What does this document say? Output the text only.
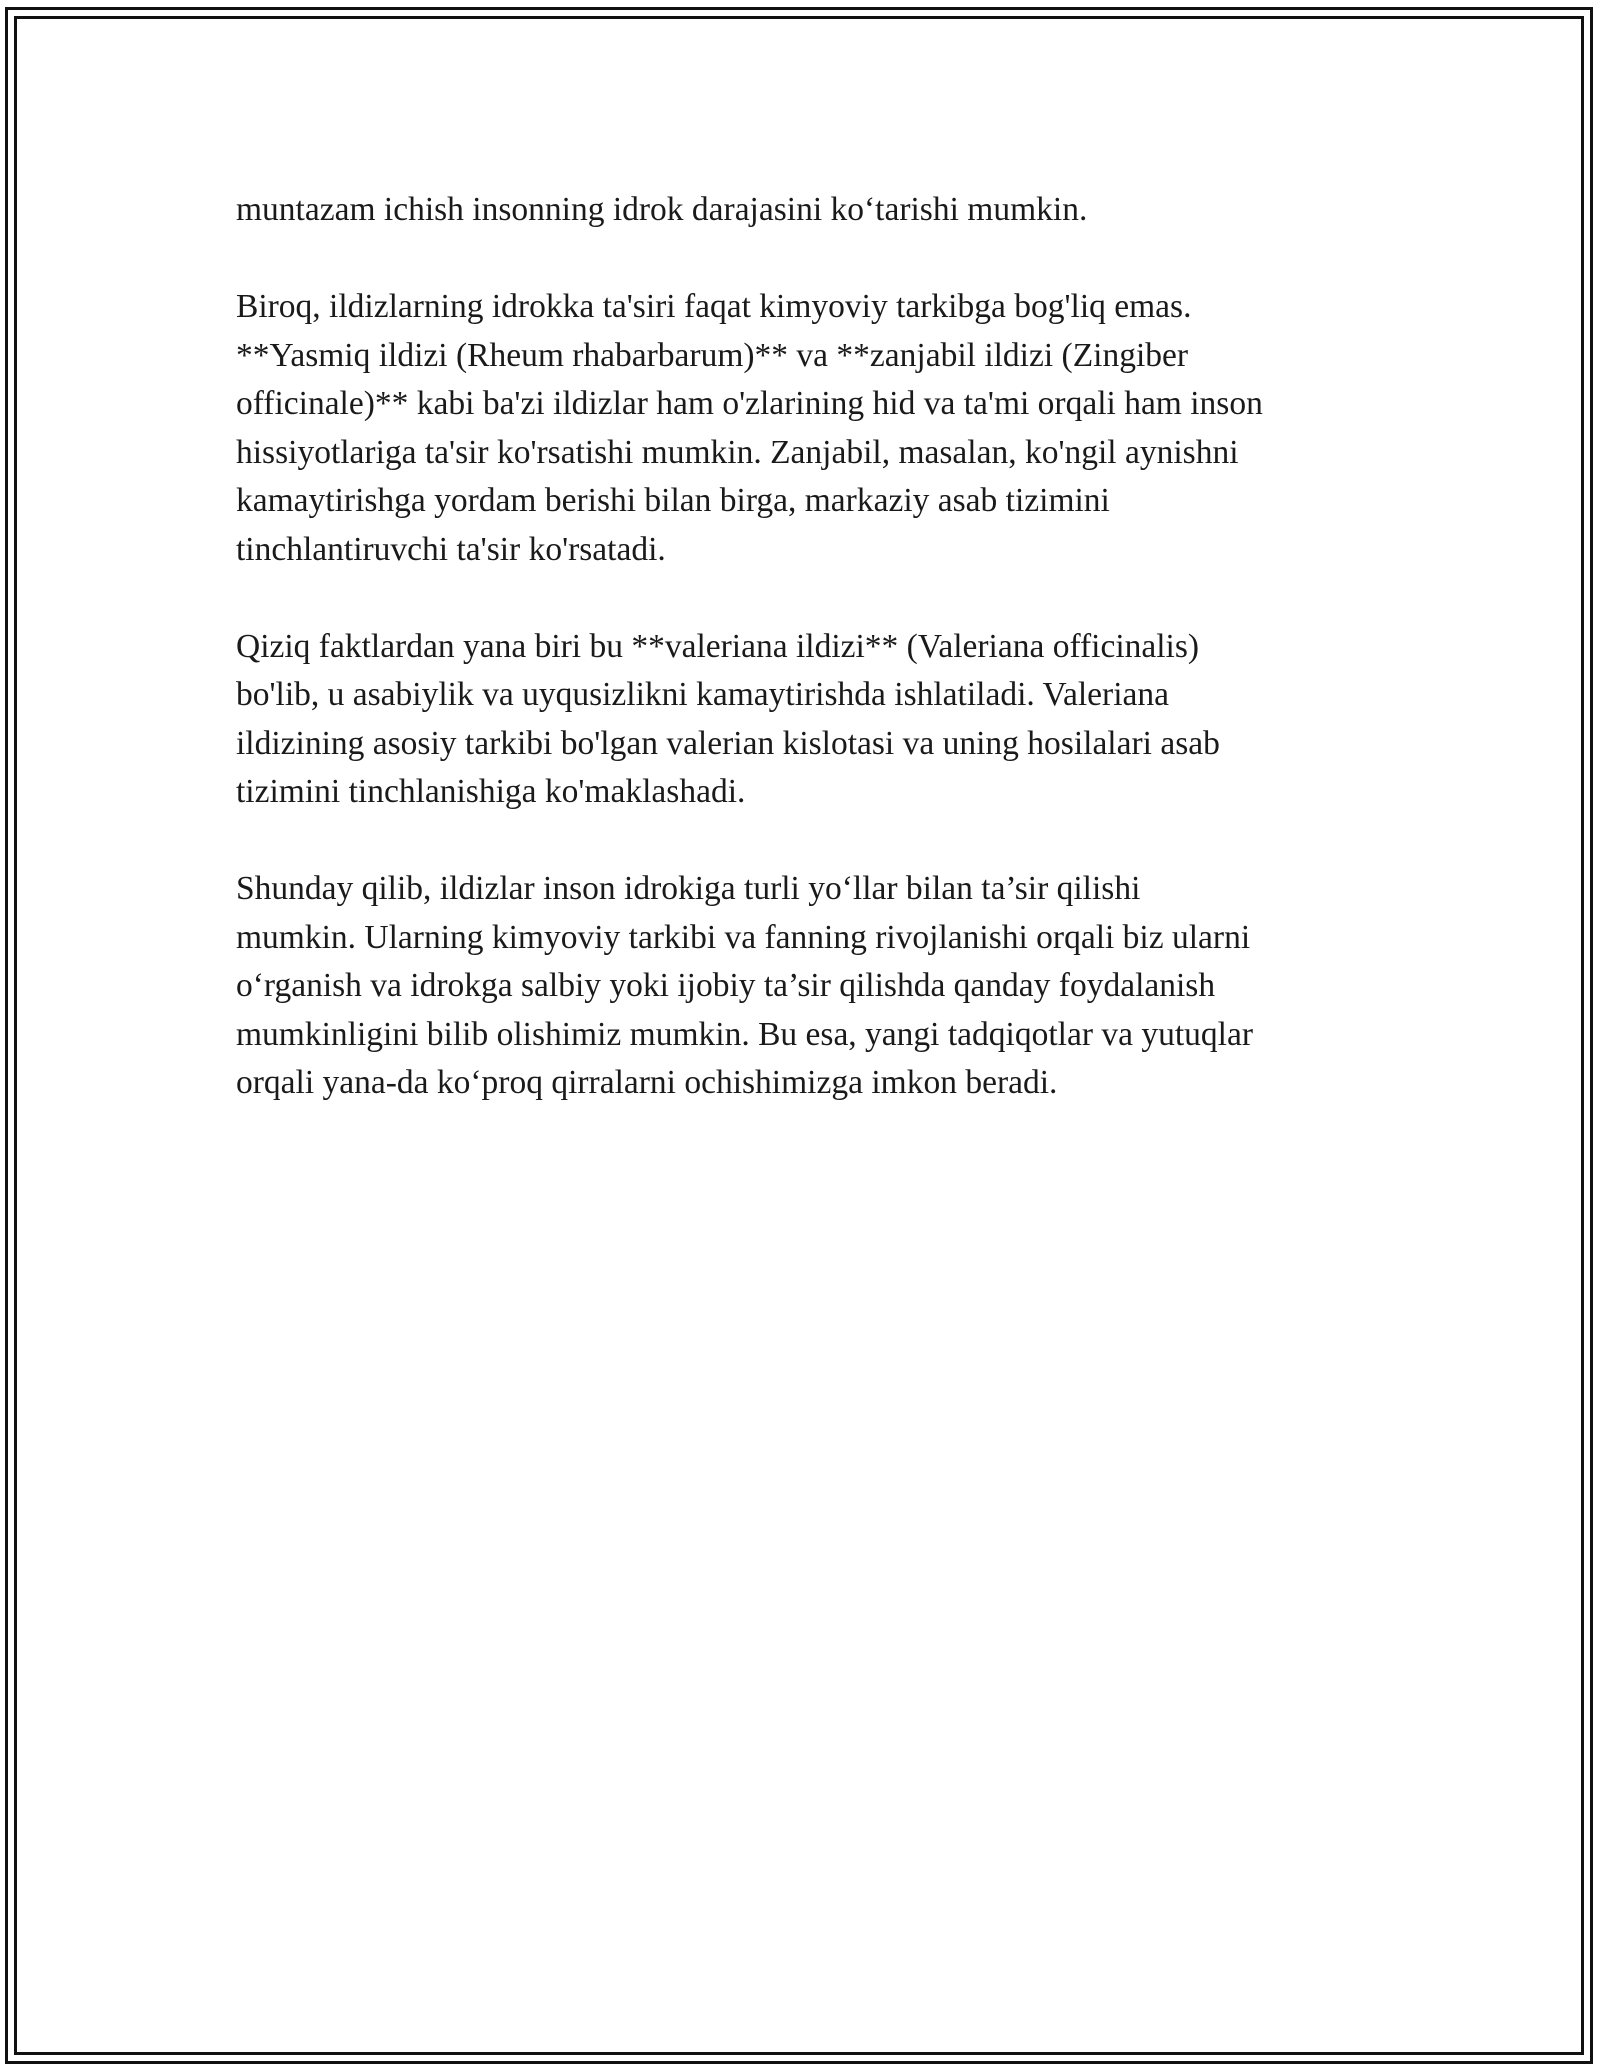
muntazam ichish insonning idrok darajasini ko‘tarishi mumkin.

Biroq, ildizlarning idrokka ta'siri faqat kimyoviy tarkibga bog'liq emas.
**Yasmiq ildizi (Rheum rhabarbarum)** va **zanjabil ildizi (Zingiber
officinale)** kabi ba'zi ildizlar ham o'zlarining hid va ta'mi orqali ham inson
hissiyotlariga ta'sir ko'rsatishi mumkin. Zanjabil, masalan, ko'ngil aynishni
kamaytirishga yordam berishi bilan birga, markaziy asab tizimini
tinchlantiruvchi ta'sir ko'rsatadi.

Qiziq faktlardan yana biri bu **valeriana ildizi** (Valeriana officinalis)
bo'lib, u asabiylik va uyqusizlikni kamaytirishda ishlatiladi. Valeriana
ildizining asosiy tarkibi bo'lgan valerian kislotasi va uning hosilalari asab
tizimini tinchlanishiga ko'maklashadi.

Shunday qilib, ildizlar inson idrokiga turli yo‘llar bilan ta’sir qilishi
mumkin. Ularning kimyoviy tarkibi va fanning rivojlanishi orqali biz ularni
o‘rganish va idrokga salbiy yoki ijobiy ta’sir qilishda qanday foydalanish
mumkinligini bilib olishimiz mumkin. Bu esa, yangi tadqiqotlar va yutuqlar
orqali yana-da ko‘proq qirralarni ochishimizga imkon beradi.
